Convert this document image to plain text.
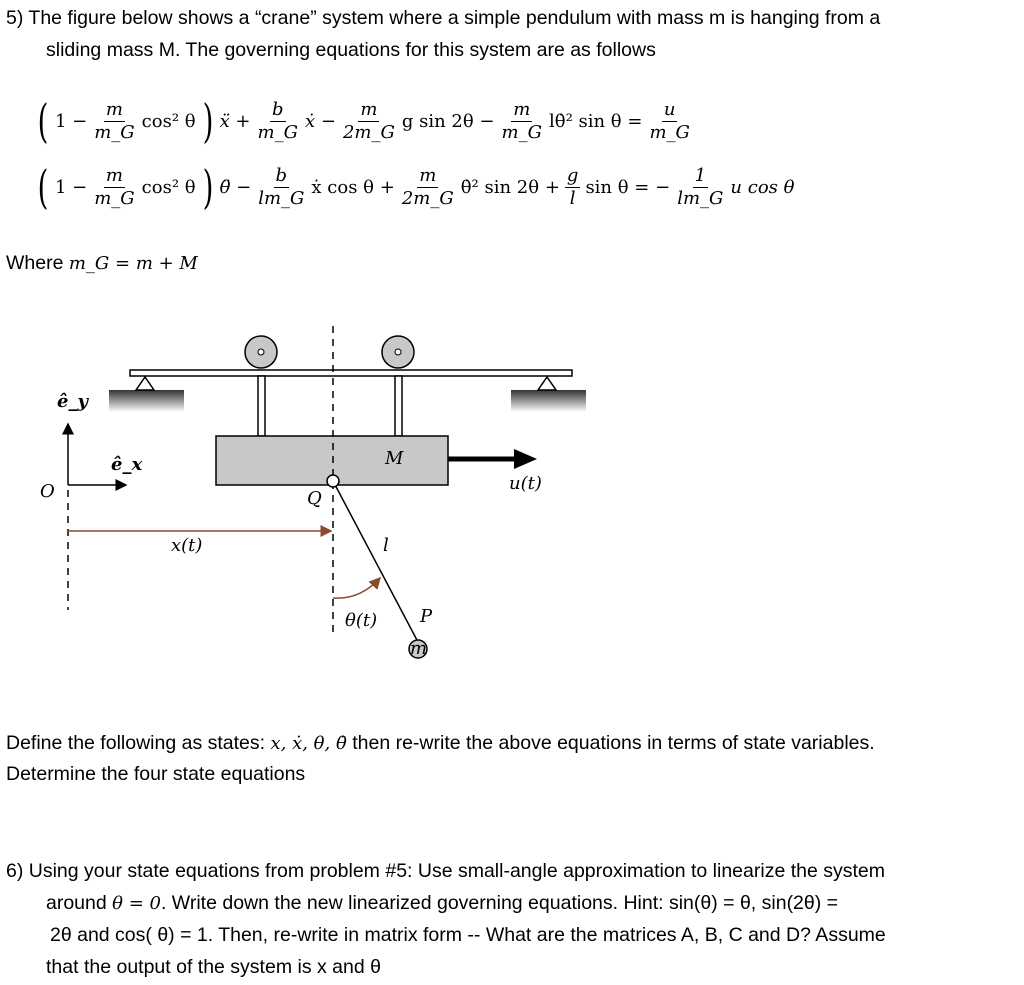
5) The figure below shows a “crane” system where a simple pendulum with mass m is hanging from a
sliding mass M. The governing equations for this system are as follows
( $1 - \frac{m}{m\_G} \cos^2$ θ ) ẍ + $\frac{b}{m\_G}$ ẋ − $\frac{m}{2m\_G}$ g $\sin 2\theta - \frac{m}{m\_G}$ lθ̇² $\sin \theta = \frac{u}{m\_G}$
( $1 - \frac{m}{m\_G} \cos^2$ θ ) θ̈ − $\frac{b}{lm\_G}$ ẋ $\cos \theta + \frac{m}{2m\_G}$ θ̇² $\sin 2\theta + \frac{g}{l}$ sin θ = − $\frac{1}{lm\_G}$ u cos θ
Where m_G = m + M
ê_y
ê_x
O	Q
M
u(t)
x(t)	l
θ(t) P
m
Define the following as states: x, ẋ, θ, θ̇ then re-write the above equations in terms of state variables.
Determine the four state equations
6) Using your state equations from problem #5: Use small-angle approximation to linearize the system
around θ = 0. Write down the new linearized governing equations. Hint: sin(θ) = θ, sin(2θ) =
2θ and cos( θ) = 1. Then, re-write in matrix form -- What are the matrices A, B, C and D? Assume
that the output of the system is x and θ
